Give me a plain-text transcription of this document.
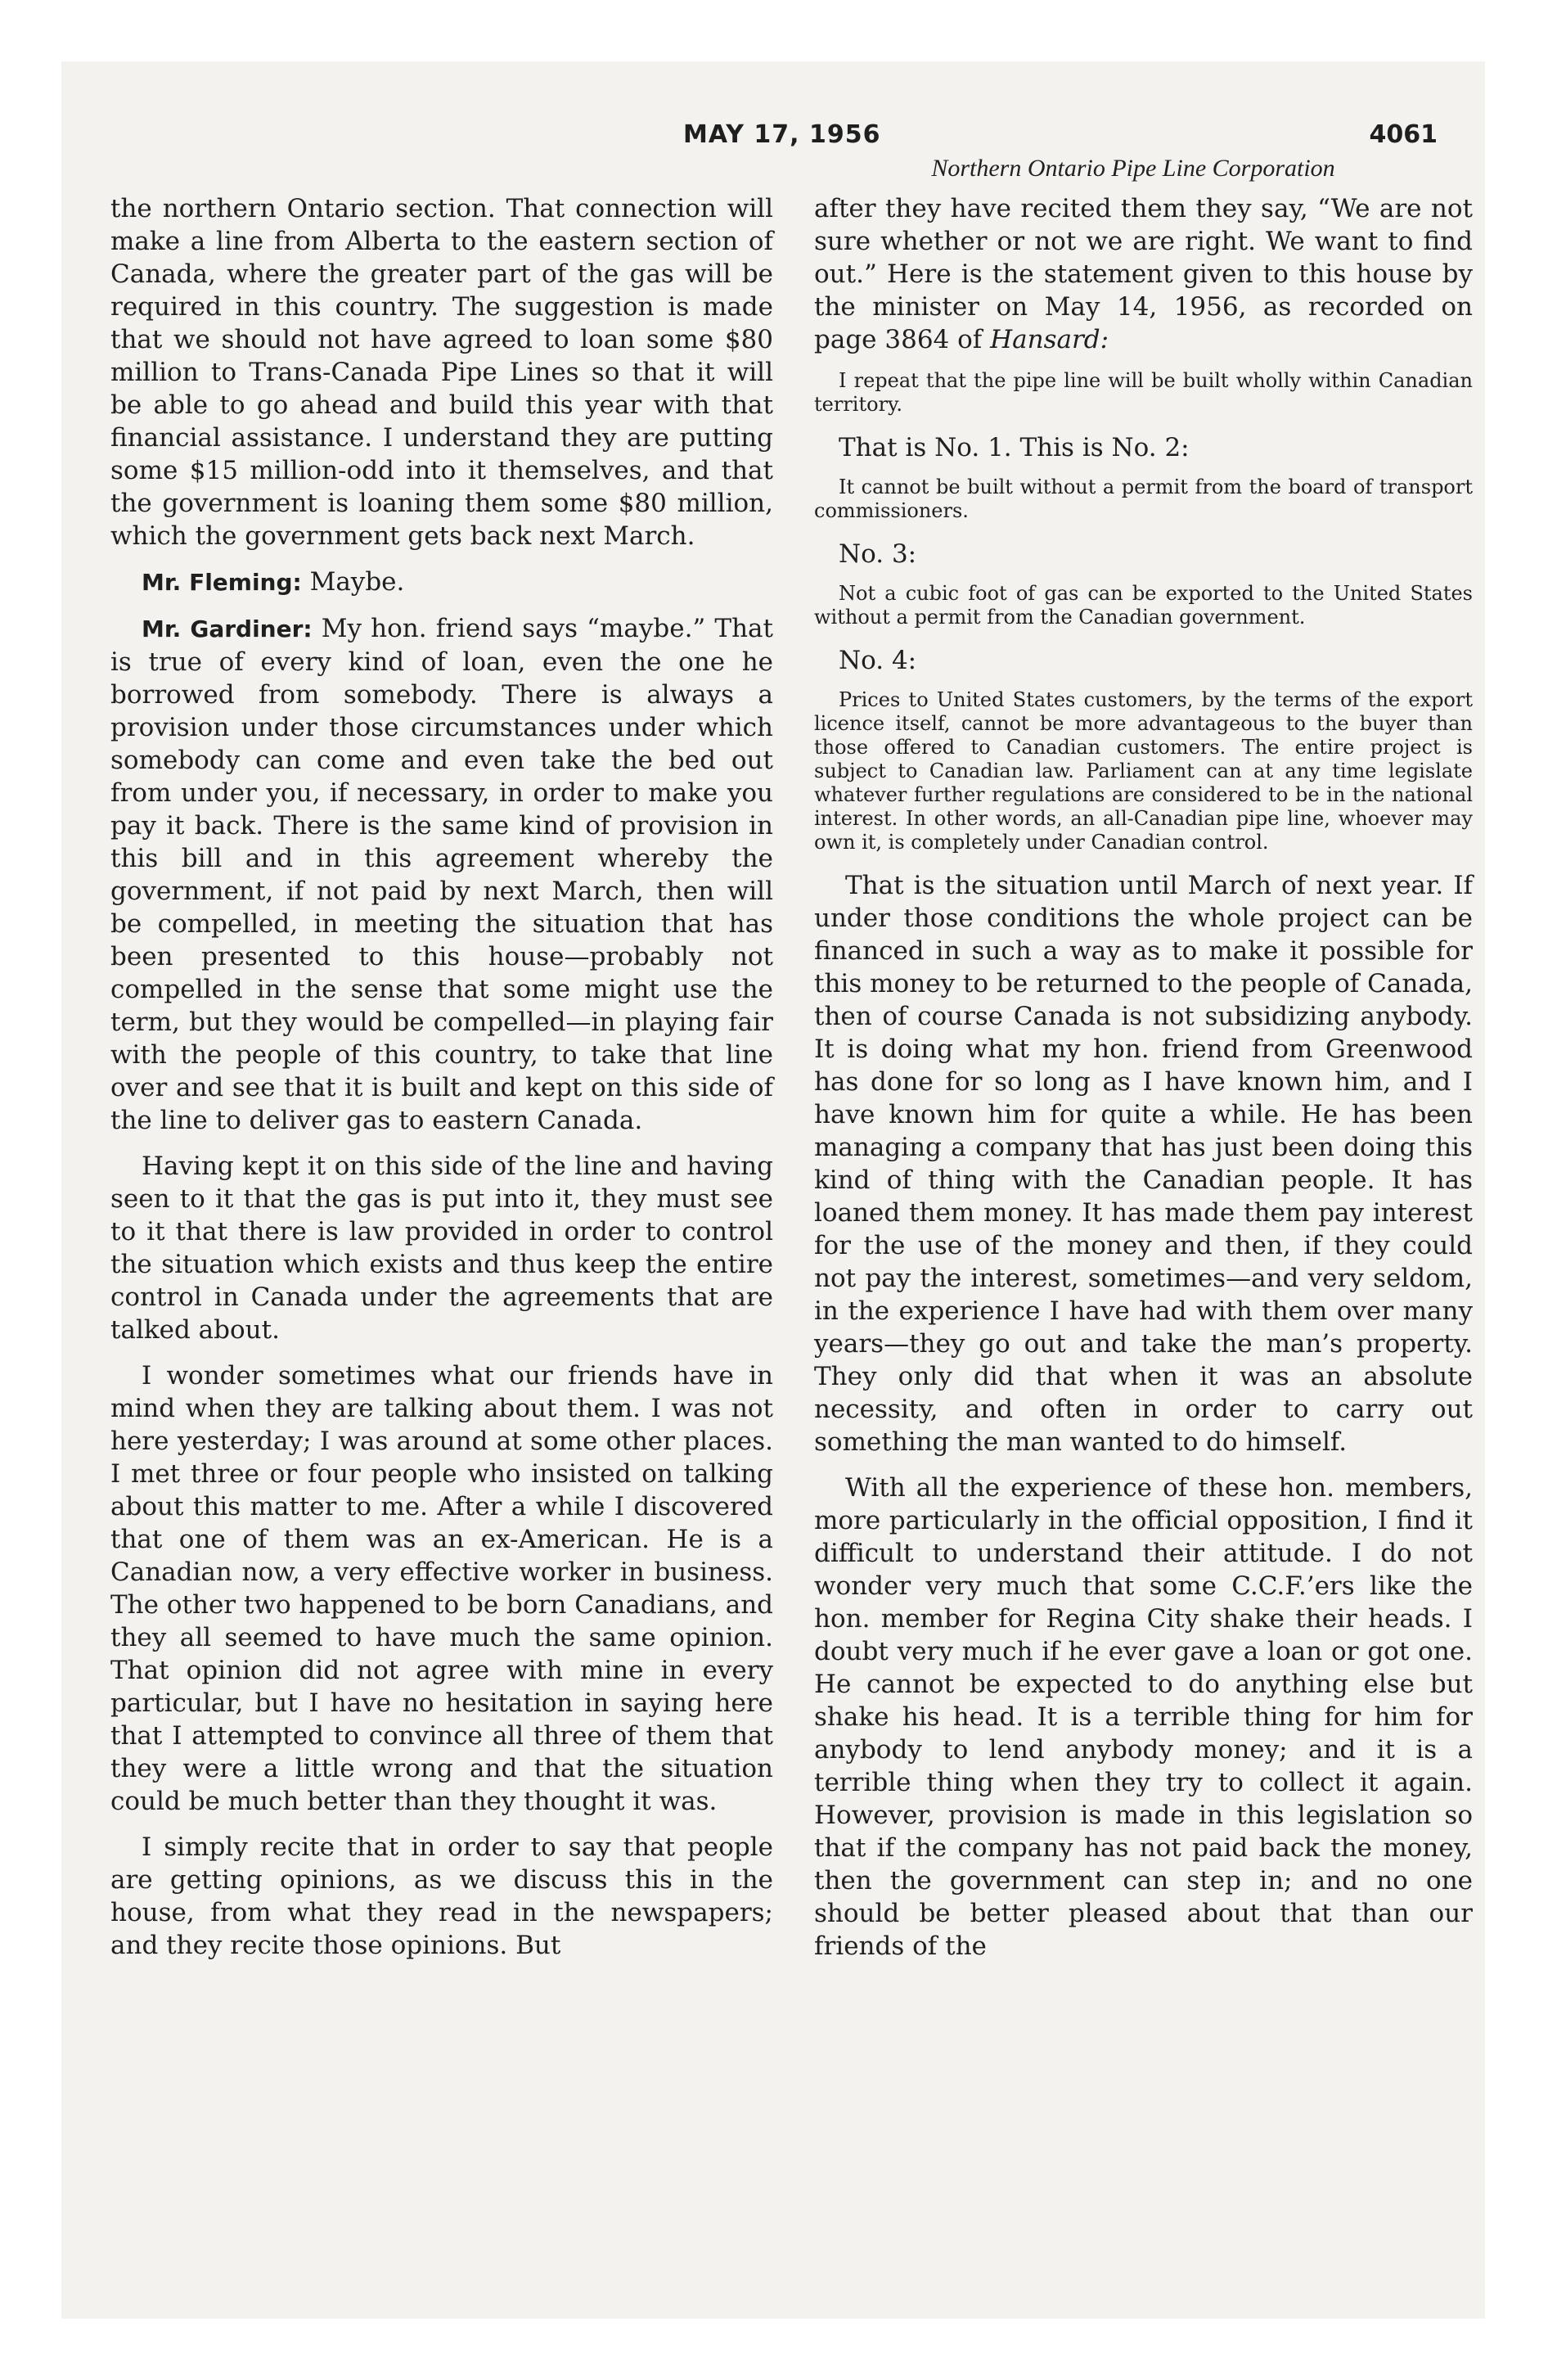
MAY 17, 1956	4061
Northern Ontario Pipe Line Corporation

the northern Ontario section. That connection will make a line from Alberta to the eastern section of Canada, where the greater part of the gas will be required in this country. The suggestion is made that we should not have agreed to loan some $80 million to Trans-Canada Pipe Lines so that it will be able to go ahead and build this year with that financial assistance. I understand they are putting some $15 million-odd into it themselves, and that the government is loaning them some $80 million, which the government gets back next March.

Mr. Fleming: Maybe.

Mr. Gardiner: My hon. friend says “maybe.” That is true of every kind of loan, even the one he borrowed from somebody. There is always a provision under those circumstances under which somebody can come and even take the bed out from under you, if necessary, in order to make you pay it back. There is the same kind of provision in this bill and in this agreement whereby the government, if not paid by next March, then will be compelled, in meeting the situation that has been presented to this house—probably not compelled in the sense that some might use the term, but they would be compelled—in playing fair with the people of this country, to take that line over and see that it is built and kept on this side of the line to deliver gas to eastern Canada.

Having kept it on this side of the line and having seen to it that the gas is put into it, they must see to it that there is law provided in order to control the situation which exists and thus keep the entire control in Canada under the agreements that are talked about.

I wonder sometimes what our friends have in mind when they are talking about them. I was not here yesterday; I was around at some other places. I met three or four people who insisted on talking about this matter to me. After a while I discovered that one of them was an ex-American. He is a Canadian now, a very effective worker in business. The other two happened to be born Canadians, and they all seemed to have much the same opinion. That opinion did not agree with mine in every particular, but I have no hesitation in saying here that I attempted to convince all three of them that they were a little wrong and that the situation could be much better than they thought it was.

I simply recite that in order to say that people are getting opinions, as we discuss this in the house, from what they read in the newspapers; and they recite those opinions. But

after they have recited them they say, “We are not sure whether or not we are right. We want to find out.” Here is the statement given to this house by the minister on May 14, 1956, as recorded on page 3864 of Hansard:

I repeat that the pipe line will be built wholly within Canadian territory.

That is No. 1. This is No. 2:

It cannot be built without a permit from the board of transport commissioners.

No. 3:

Not a cubic foot of gas can be exported to the United States without a permit from the Canadian government.

No. 4:

Prices to United States customers, by the terms of the export licence itself, cannot be more advantageous to the buyer than those offered to Canadian customers. The entire project is subject to Canadian law. Parliament can at any time legislate whatever further regulations are considered to be in the national interest. In other words, an all-Canadian pipe line, whoever may own it, is completely under Canadian control.

That is the situation until March of next year. If under those conditions the whole project can be financed in such a way as to make it possible for this money to be returned to the people of Canada, then of course Canada is not subsidizing anybody. It is doing what my hon. friend from Greenwood has done for so long as I have known him, and I have known him for quite a while. He has been managing a company that has just been doing this kind of thing with the Canadian people. It has loaned them money. It has made them pay interest for the use of the money and then, if they could not pay the interest, sometimes—and very seldom, in the experience I have had with them over many years—they go out and take the man’s property. They only did that when it was an absolute necessity, and often in order to carry out something the man wanted to do himself.

With all the experience of these hon. members, more particularly in the official opposition, I find it difficult to understand their attitude. I do not wonder very much that some C.C.F.’ers like the hon. member for Regina City shake their heads. I doubt very much if he ever gave a loan or got one. He cannot be expected to do anything else but shake his head. It is a terrible thing for him for anybody to lend anybody money; and it is a terrible thing when they try to collect it again. However, provision is made in this legislation so that if the company has not paid back the money, then the government can step in; and no one should be better pleased about that than our friends of the
